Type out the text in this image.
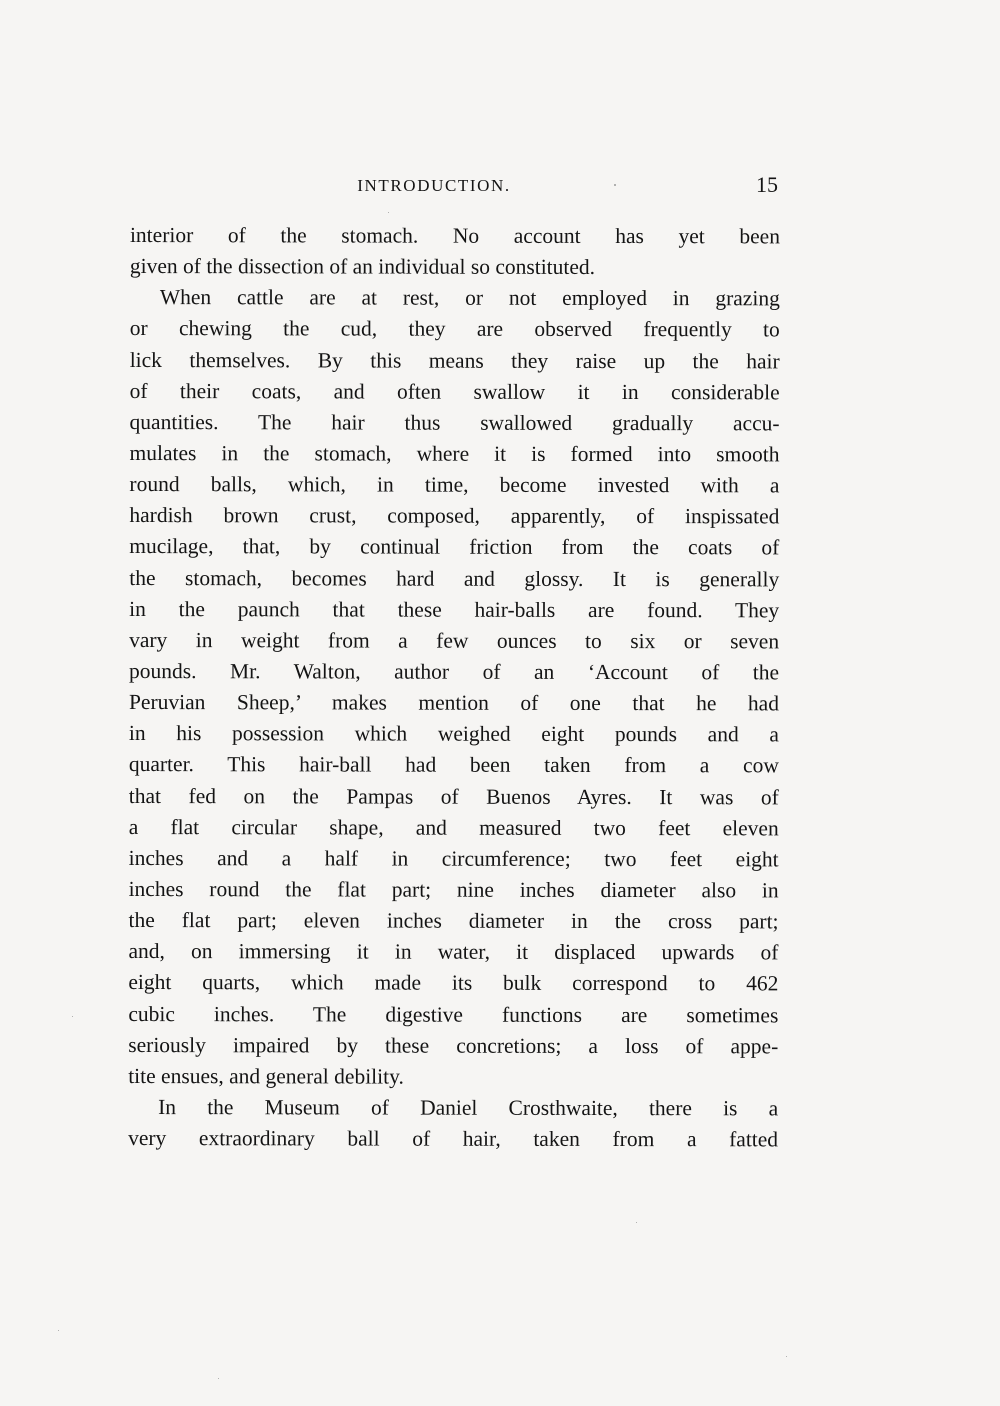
INTRODUCTION.	15
interior of the stomach. No account has yet been
given of the dissection of an individual so constituted.
When cattle are at rest, or not employed in grazing
or chewing the cud, they are observed frequently to
lick themselves. By this means they raise up the hair
of their coats, and often swallow it in considerable
quantities. The hair thus swallowed gradually accu-
mulates in the stomach, where it is formed into smooth
round balls, which, in time, become invested with a
hardish brown crust, composed, apparently, of inspissated
mucilage, that, by continual friction from the coats of
the stomach, becomes hard and glossy. It is generally
in the paunch that these hair-balls are found. They
vary in weight from a few ounces to six or seven
pounds. Mr. Walton, author of an ‘Account of the
Peruvian Sheep,’ makes mention of one that he had
in his possession which weighed eight pounds and a
quarter. This hair-ball had been taken from a cow
that fed on the Pampas of Buenos Ayres. It was of
a flat circular shape, and measured two feet eleven
inches and a half in circumference; two feet eight
inches round the flat part; nine inches diameter also in
the flat part; eleven inches diameter in the cross part;
and, on immersing it in water, it displaced upwards of
eight quarts, which made its bulk correspond to 462
cubic inches. The digestive functions are sometimes
seriously impaired by these concretions; a loss of appe-
tite ensues, and general debility.
In the Museum of Daniel Crosthwaite, there is a
very extraordinary ball of hair, taken from a fatted
